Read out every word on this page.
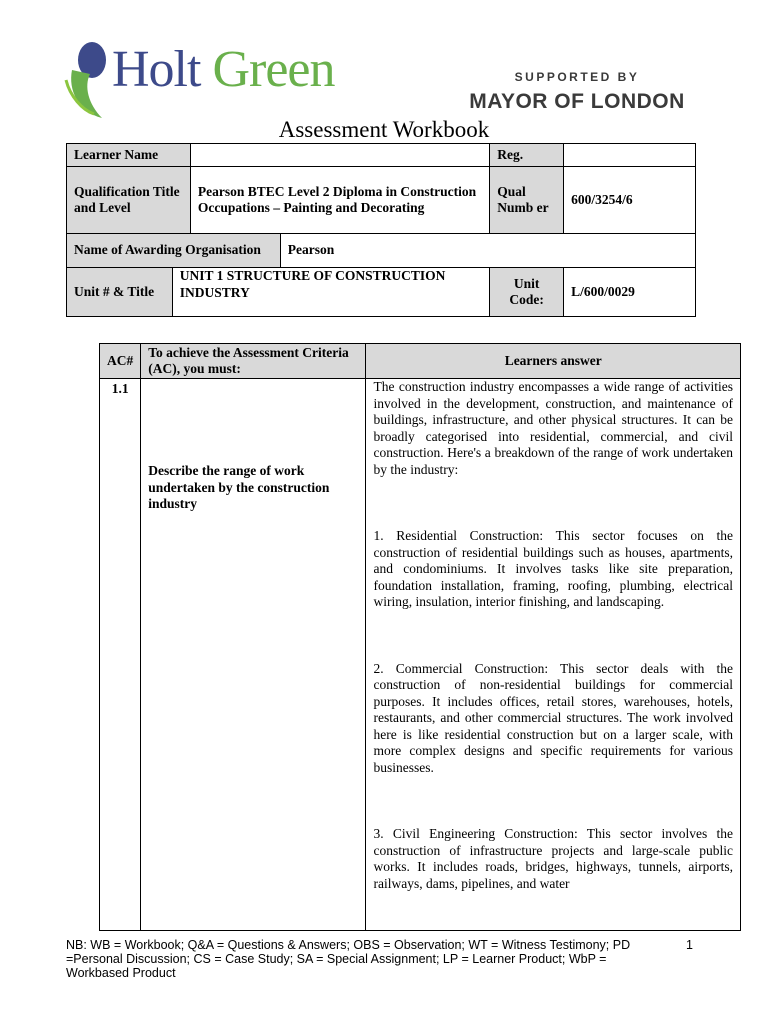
Holt Green	SUPPORTED BY
MAYOR OF LONDON
Assessment Workbook
Learner Name		Reg.	
Qualification Title and Level	Pearson BTEC Level 2 Diploma in Construction Occupations – Painting and Decorating	Qual Numb er	600/3254/6
Name of Awarding Organisation	Pearson
Unit # & Title	UNIT 1 STRUCTURE OF CONSTRUCTION INDUSTRY	Unit Code:	L/600/0029
AC#	To achieve the Assessment Criteria (AC), you must:	Learners answer
1.1	Describe the range of work undertaken by the construction industry	The construction industry encompasses a wide range of activities involved in the development, construction, and maintenance of buildings, infrastructure, and other physical structures. It can be broadly categorised into residential, commercial, and civil construction. Here's a breakdown of the range of work undertaken by the industry:

1. Residential Construction: This sector focuses on the construction of residential buildings such as houses, apartments, and condominiums. It involves tasks like site preparation, foundation installation, framing, roofing, plumbing, electrical wiring, insulation, interior finishing, and landscaping.

2. Commercial Construction: This sector deals with the construction of non-residential buildings for commercial purposes. It includes offices, retail stores, warehouses, hotels, restaurants, and other commercial structures. The work involved here is like residential construction but on a larger scale, with more complex designs and specific requirements for various businesses.

3. Civil Engineering Construction: This sector involves the construction of infrastructure projects and large-scale public works. It includes roads, bridges, highways, tunnels, airports, railways, dams, pipelines, and water

NB: WB = Workbook; Q&A = Questions & Answers; OBS = Observation; WT = Witness Testimony; PD =Personal Discussion; CS = Case Study; SA = Special Assignment; LP = Learner Product; WbP = Workbased Product
1
